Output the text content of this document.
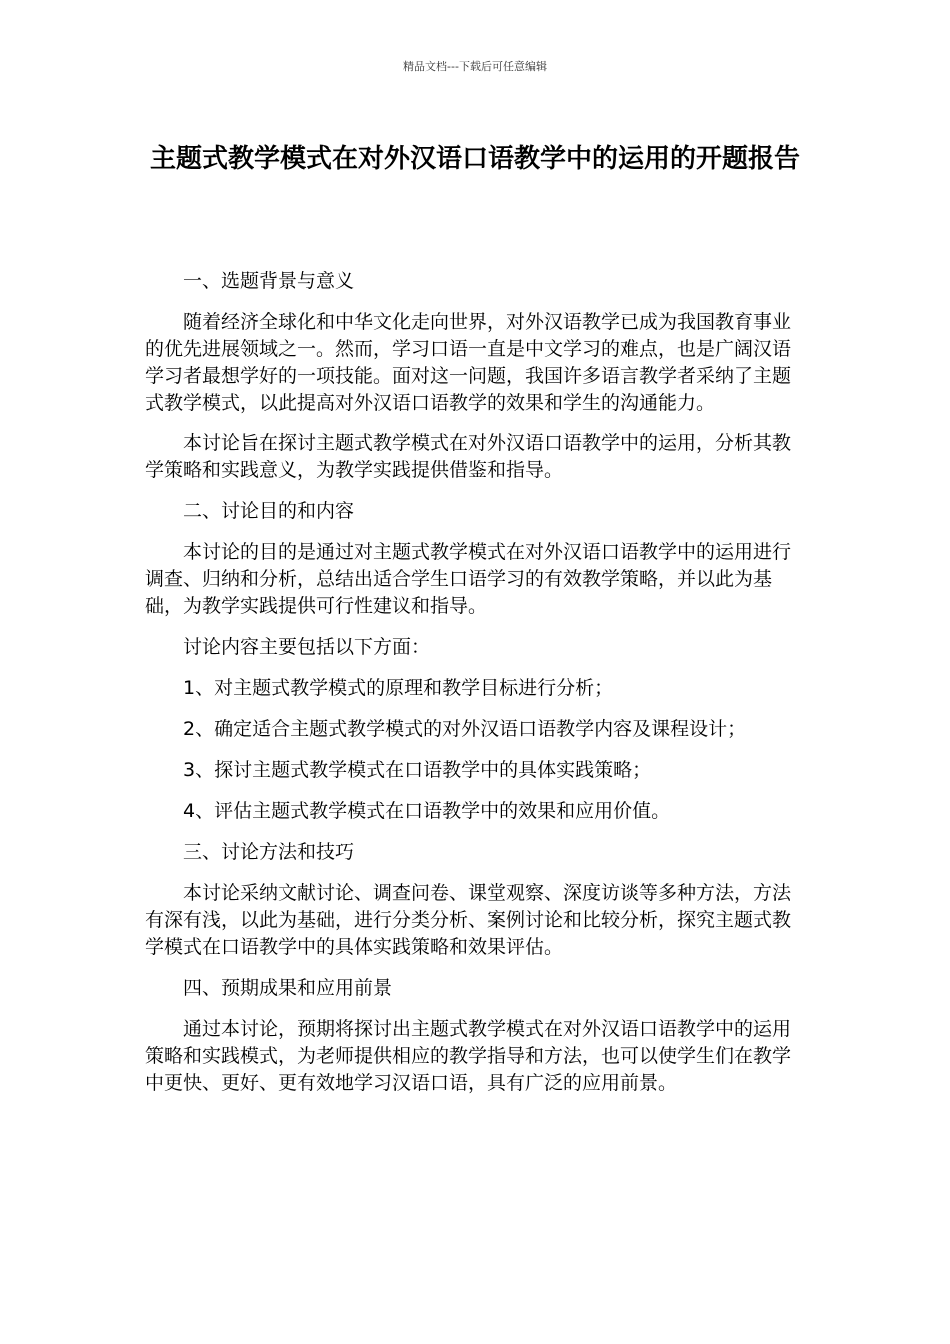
精品文档---下载后可任意编辑
主题式教学模式在对外汉语口语教学中的运用的开题报告

一、选题背景与意义

随着经济全球化和中华文化走向世界，对外汉语教学已成为我国教育事业的优先进展领域之一。然而，学习口语一直是中文学习的难点，也是广阔汉语学习者最想学好的一项技能。面对这一问题，我国许多语言教学者采纳了主题式教学模式，以此提高对外汉语口语教学的效果和学生的沟通能力。

本讨论旨在探讨主题式教学模式在对外汉语口语教学中的运用，分析其教学策略和实践意义，为教学实践提供借鉴和指导。

二、讨论目的和内容

本讨论的目的是通过对主题式教学模式在对外汉语口语教学中的运用进行调查、归纳和分析，总结出适合学生口语学习的有效教学策略，并以此为基础，为教学实践提供可行性建议和指导。

讨论内容主要包括以下方面：

1、对主题式教学模式的原理和教学目标进行分析；

2、确定适合主题式教学模式的对外汉语口语教学内容及课程设计；

3、探讨主题式教学模式在口语教学中的具体实践策略；

4、评估主题式教学模式在口语教学中的效果和应用价值。

三、讨论方法和技巧

本讨论采纳文献讨论、调查问卷、课堂观察、深度访谈等多种方法，方法有深有浅，以此为基础，进行分类分析、案例讨论和比较分析，探究主题式教学模式在口语教学中的具体实践策略和效果评估。

四、预期成果和应用前景

通过本讨论，预期将探讨出主题式教学模式在对外汉语口语教学中的运用策略和实践模式，为老师提供相应的教学指导和方法，也可以使学生们在教学中更快、更好、更有效地学习汉语口语，具有广泛的应用前景。
